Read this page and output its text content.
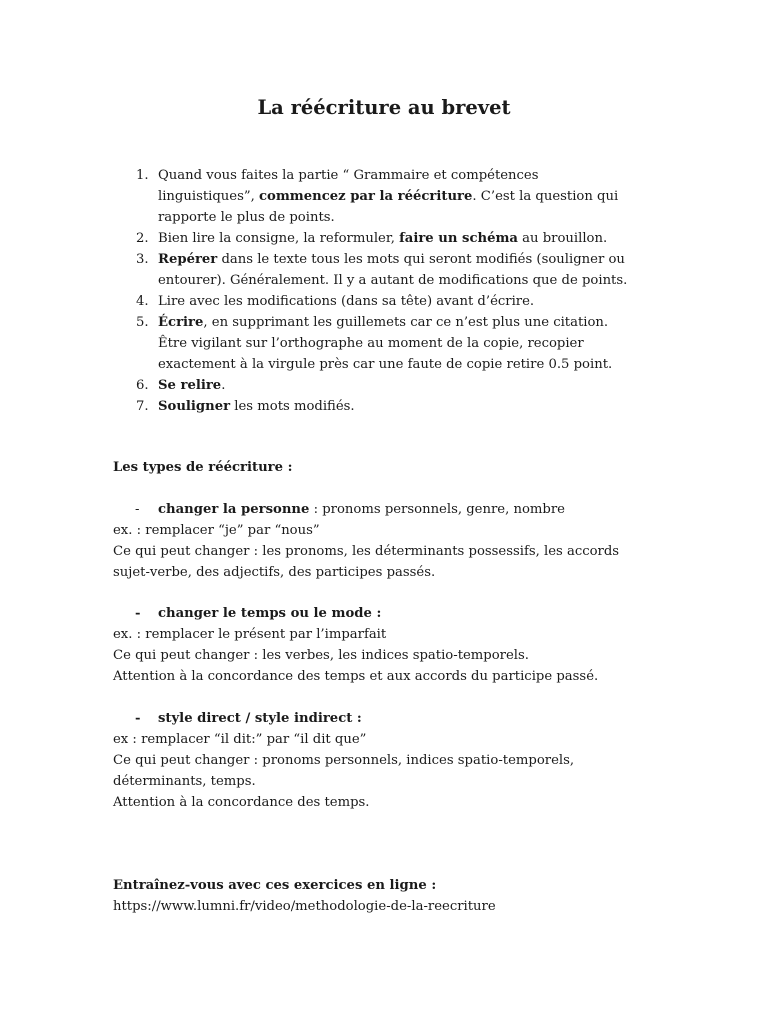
La réécriture au brevet
1. Quand vous faites la partie “ Grammaire et compétences linguistiques”, commencez par la réécriture. C’est la question qui rapporte le plus de points.
2. Bien lire la consigne, la reformuler, faire un schéma au brouillon.
3. Repérer dans le texte tous les mots qui seront modifiés (souligner ou entourer). Généralement. Il y a autant de modifications que de points.
4. Lire avec les modifications (dans sa tête) avant d’écrire.
5. Écrire, en supprimant les guillemets car ce n’est plus une citation. Être vigilant sur l’orthographe au moment de la copie, recopier exactement à la virgule près car une faute de copie retire 0.5 point.
6. Se relire.
7. Souligner les mots modifiés.
Les types de réécriture :
- changer la personne : pronoms personnels, genre, nombre
ex. : remplacer “je” par “nous”
Ce qui peut changer : les pronoms, les déterminants possessifs, les accords sujet-verbe, des adjectifs, des participes passés.
- changer le temps ou le mode :
ex. : remplacer le présent par l’imparfait
Ce qui peut changer : les verbes, les indices spatio-temporels.
Attention à la concordance des temps et aux accords du participe passé.
- style direct / style indirect :
ex : remplacer “il dit:” par “il dit que”
Ce qui peut changer : pronoms personnels, indices spatio-temporels, déterminants, temps.
Attention à la concordance des temps.
Entraînez-vous avec ces exercices en ligne :
https://www.lumni.fr/video/methodologie-de-la-reecriture
